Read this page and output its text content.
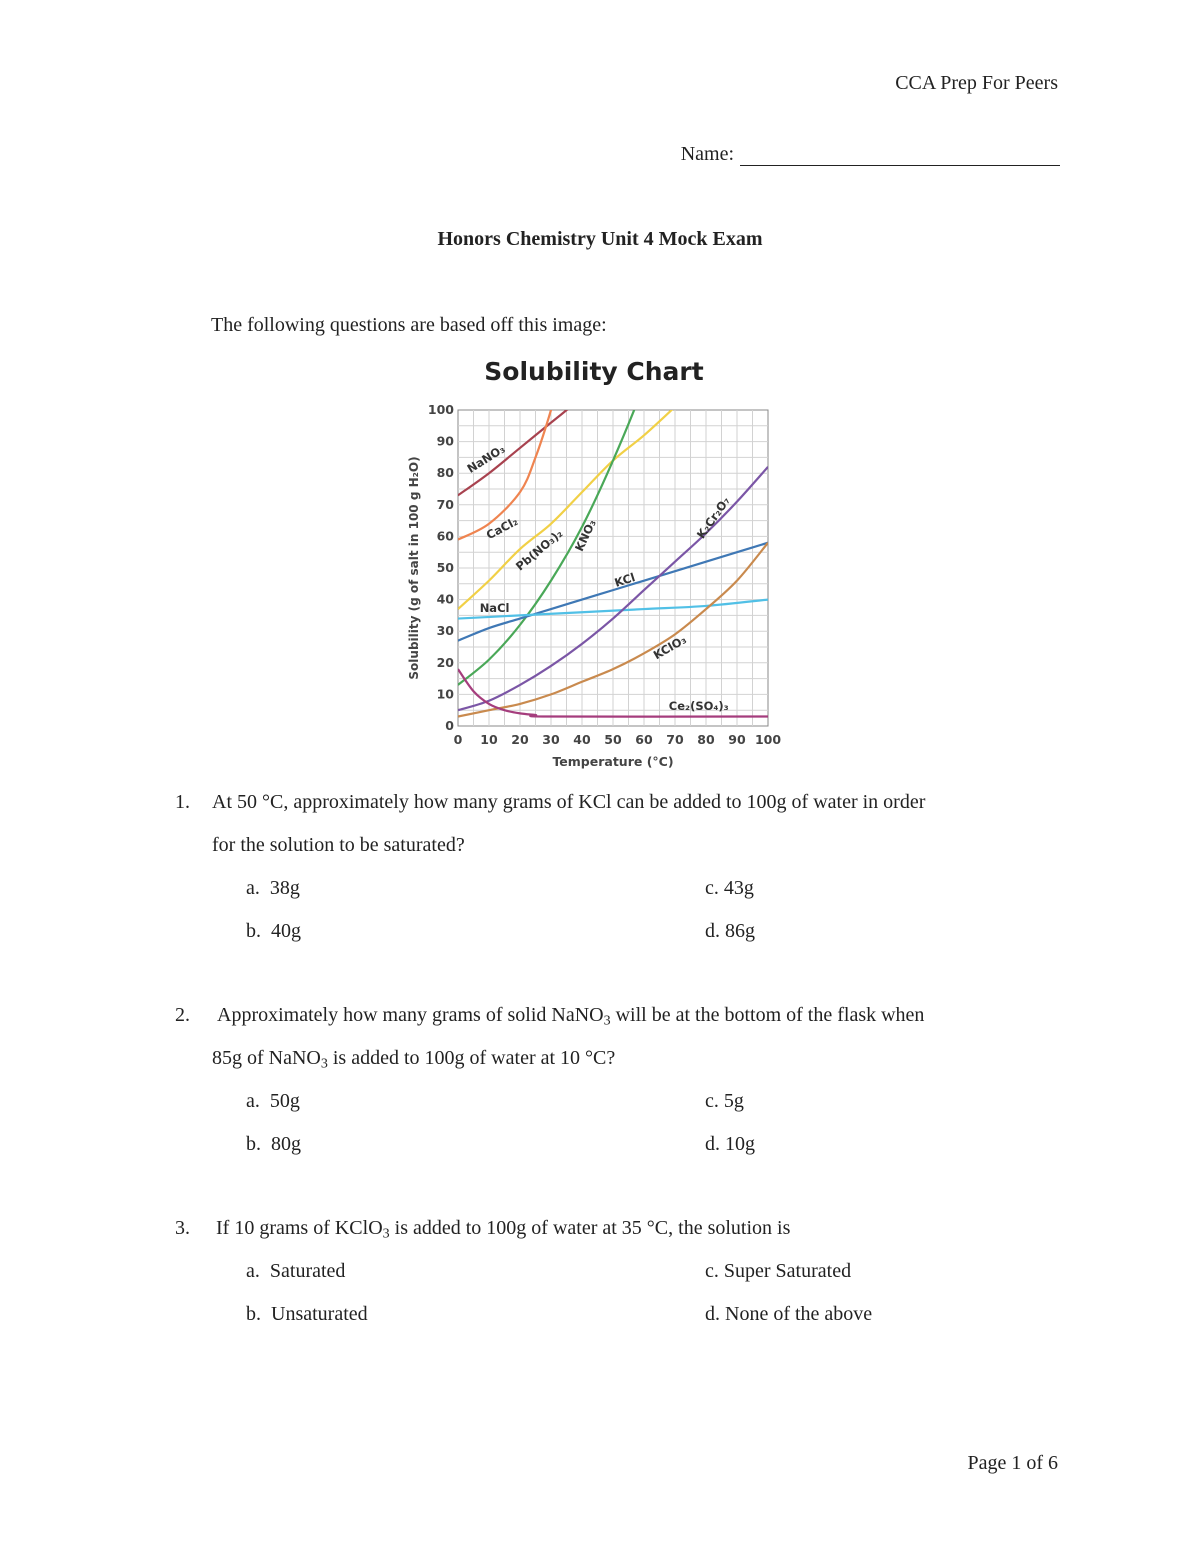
CCA Prep For Peers
Name:
Honors Chemistry Unit 4 Mock Exam
The following questions are based off this image:
Solubility Chart
0 10 20 30 40 50 60 70 80 90 100
0
10
20
30
40
50
60
70
80
90
100
NaNO₃
CaCl₂
Pb(NO₃)₂ KNO₃
KCl
NaCl
K₂Cr₂O₇
KClO₃
Ce₂(SO₄)₃
Temperature (°C)
Solubility (g of salt in 100 g H₂O)
1. At 50 °C, approximately how many grams of KCl can be added to 100g of water in order
for the solution to be saturated?
a. 38g
b. 40g
c. 43g
d. 86g
2. Approximately how many grams of solid NaNO$_3$ will be at the bottom of the flask when
85g of NaNO$_3$ is added to 100g of water at 10 °C?
a. 50g
b. 80g
c. 5g
d. 10g
3. If 10 grams of KClO$_3$ is added to 100g of water at 35 °C, the solution is
a. Saturated
b. Unsaturated
c. Super Saturated
d. None of the above
Page 1 of 6
